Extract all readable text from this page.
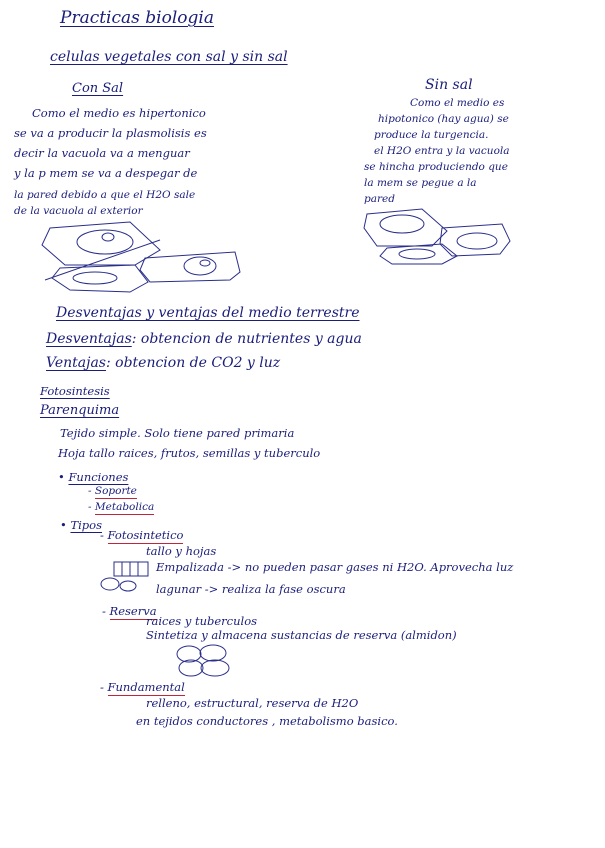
Practicas biologia
celulas vegetales con sal y sin sal
Con Sal
Como el medio es hipertonico
se va a producir la plasmolisis es
decir la vacuola va a menguar
y la p mem se va a despegar de
la pared debido a que el H2O sale
de la vacuola al exterior
Sin sal
Como el medio es
hipotonico (hay agua) se
produce la turgencia.
el H2O entra y la vacuola
se hincha produciendo que
la mem se pegue a la
pared
Desventajas y ventajas del medio terrestre
Desventajas: obtencion de nutrientes y agua
Ventajas: obtencion de CO2 y luz
Fotosintesis
Parenquima
Tejido simple. Solo tiene pared primaria
Hoja tallo raices, frutos, semillas y tuberculo
• Funciones
- Soporte
- Metabolica
• Tipos
- Fotosintetico
tallo y hojas
Empalizada -> no pueden pasar gases ni H2O. Aprovecha luz
lagunar -> realiza la fase oscura
- Reserva
raices y tuberculos
Sintetiza y almacena sustancias de reserva (almidon)
- Fundamental
relleno, estructural, reserva de H2O
en tejidos conductores , metabolismo basico.
